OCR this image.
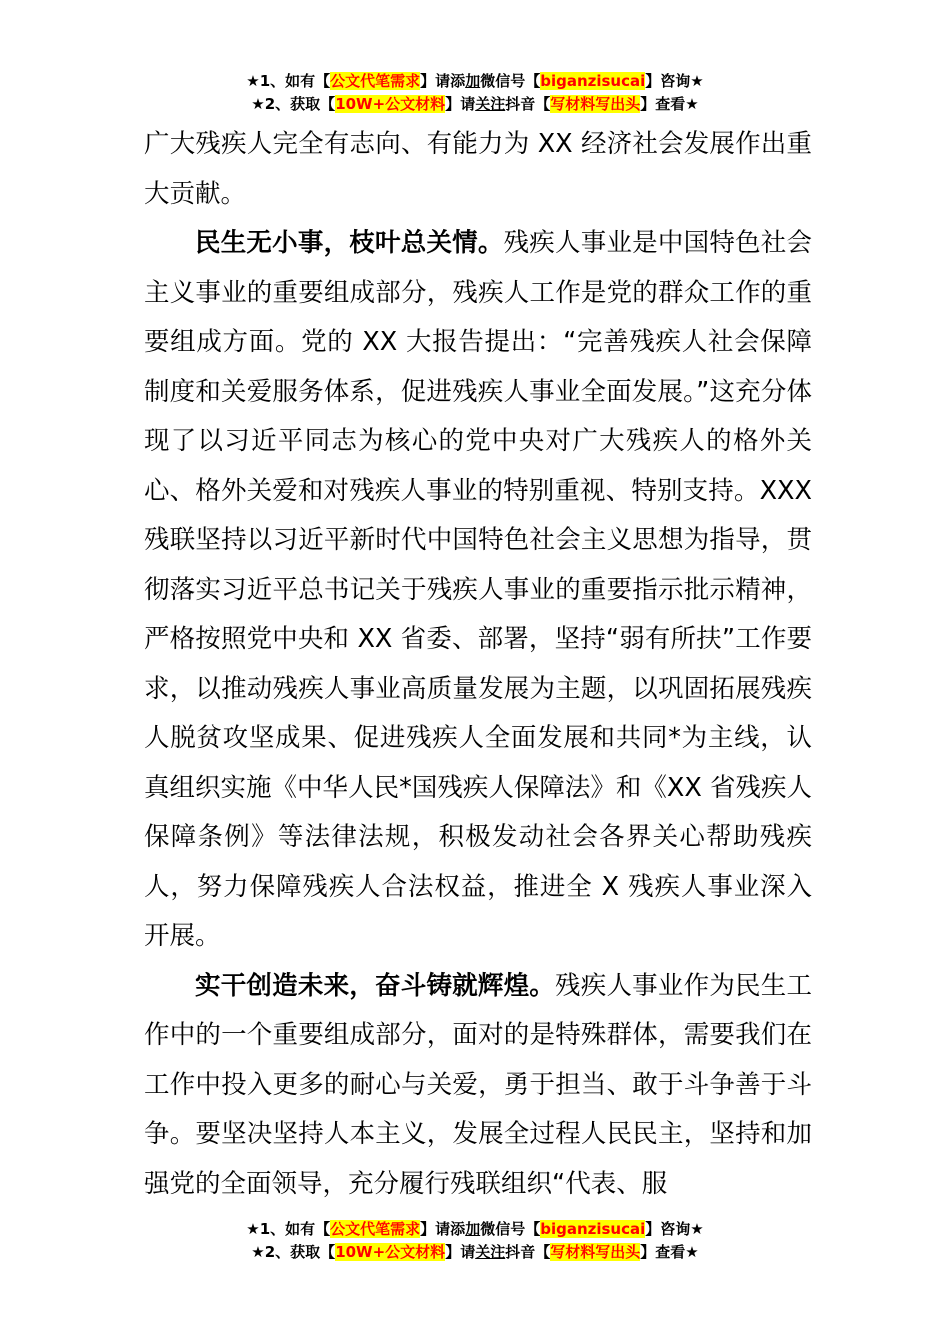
★1、如有【公文代笔需求】请添加微信号【biganzisucai】咨询★
★2、获取【10W+公文材料】请关注抖音【写材料写出头】查看★

广大残疾人完全有志向、有能力为 XX 经济社会发展作出重大贡献。

民生无小事，枝叶总关情。残疾人事业是中国特色社会主义事业的重要组成部分，残疾人工作是党的群众工作的重要组成方面。党的 XX 大报告提出：“完善残疾人社会保障制度和关爱服务体系，促进残疾人事业全面发展。”这充分体现了以习近平同志为核心的党中央对广大残疾人的格外关心、格外关爱和对残疾人事业的特别重视、特别支持。XXX 残联坚持以习近平新时代中国特色社会主义思想为指导，贯彻落实习近平总书记关于残疾人事业的重要指示批示精神，严格按照党中央和 XX 省委、部署，坚持“弱有所扶”工作要求，以推动残疾人事业高质量发展为主题，以巩固拓展残疾人脱贫攻坚成果、促进残疾人全面发展和共同*为主线，认真组织实施《中华人民*国残疾人保障法》和《XX 省残疾人保障条例》等法律法规，积极发动社会各界关心帮助残疾人，努力保障残疾人合法权益，推进全 X 残疾人事业深入开展。

实干创造未来，奋斗铸就辉煌。残疾人事业作为民生工作中的一个重要组成部分，面对的是特殊群体，需要我们在工作中投入更多的耐心与关爱，勇于担当、敢于斗争善于斗争。要坚决坚持人本主义，发展全过程人民民主，坚持和加强党的全面领导，充分履行残联组织“代表、服

★1、如有【公文代笔需求】请添加微信号【biganzisucai】咨询★
★2、获取【10W+公文材料】请关注抖音【写材料写出头】查看★
